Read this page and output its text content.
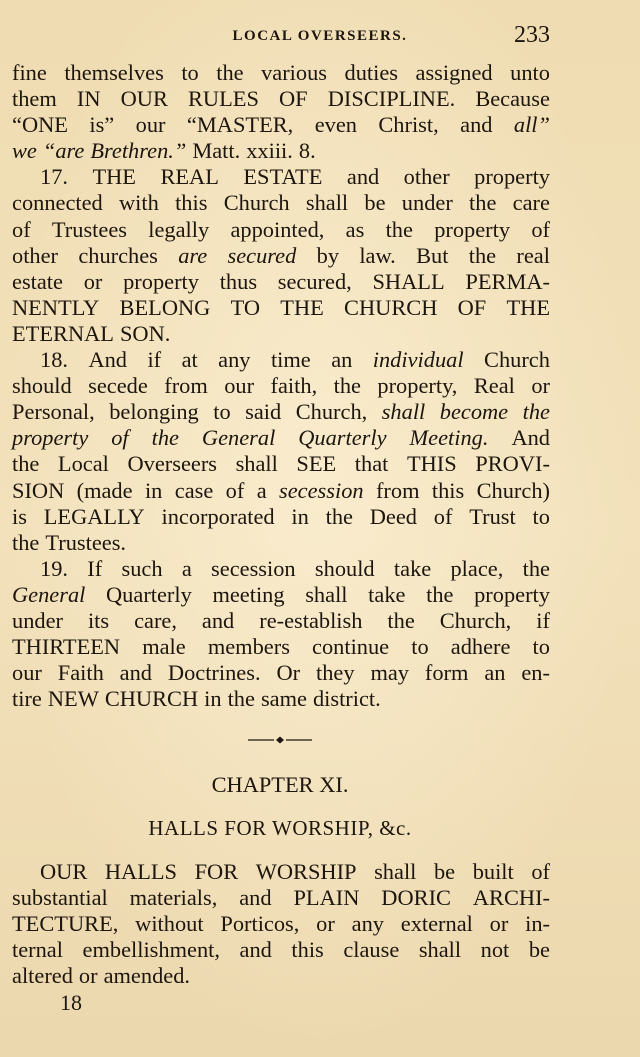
LOCAL OVERSEERS.	233
fine themselves to the various duties assigned unto
them IN OUR RULES OF DISCIPLINE. Because
“ONE is” our “MASTER, even Christ, and all”
we “are Brethren.” Matt. xxiii. 8.
17. THE REAL ESTATE and other property
connected with this Church shall be under the care
of Trustees legally appointed, as the property of
other churches are secured by law. But the real
estate or property thus secured, SHALL PERMA-
NENTLY BELONG TO THE CHURCH OF THE
ETERNAL SON.
18. And if at any time an individual Church
should secede from our faith, the property, Real or
Personal, belonging to said Church, shall become the
property of the General Quarterly Meeting. And
the Local Overseers shall SEE that THIS PROVI-
SION (made in case of a secession from this Church)
is LEGALLY incorporated in the Deed of Trust to
the Trustees.
19. If such a secession should take place, the
General Quarterly meeting shall take the property
under its care, and re-establish the Church, if
THIRTEEN male members continue to adhere to
our Faith and Doctrines. Or they may form an en-
tire NEW CHURCH in the same district.
CHAPTER XI.
HALLS FOR WORSHIP, &c.
OUR HALLS FOR WORSHIP shall be built of
substantial materials, and PLAIN DORIC ARCHI-
TECTURE, without Porticos, or any external or in-
ternal embellishment, and this clause shall not be
altered or amended.
18
